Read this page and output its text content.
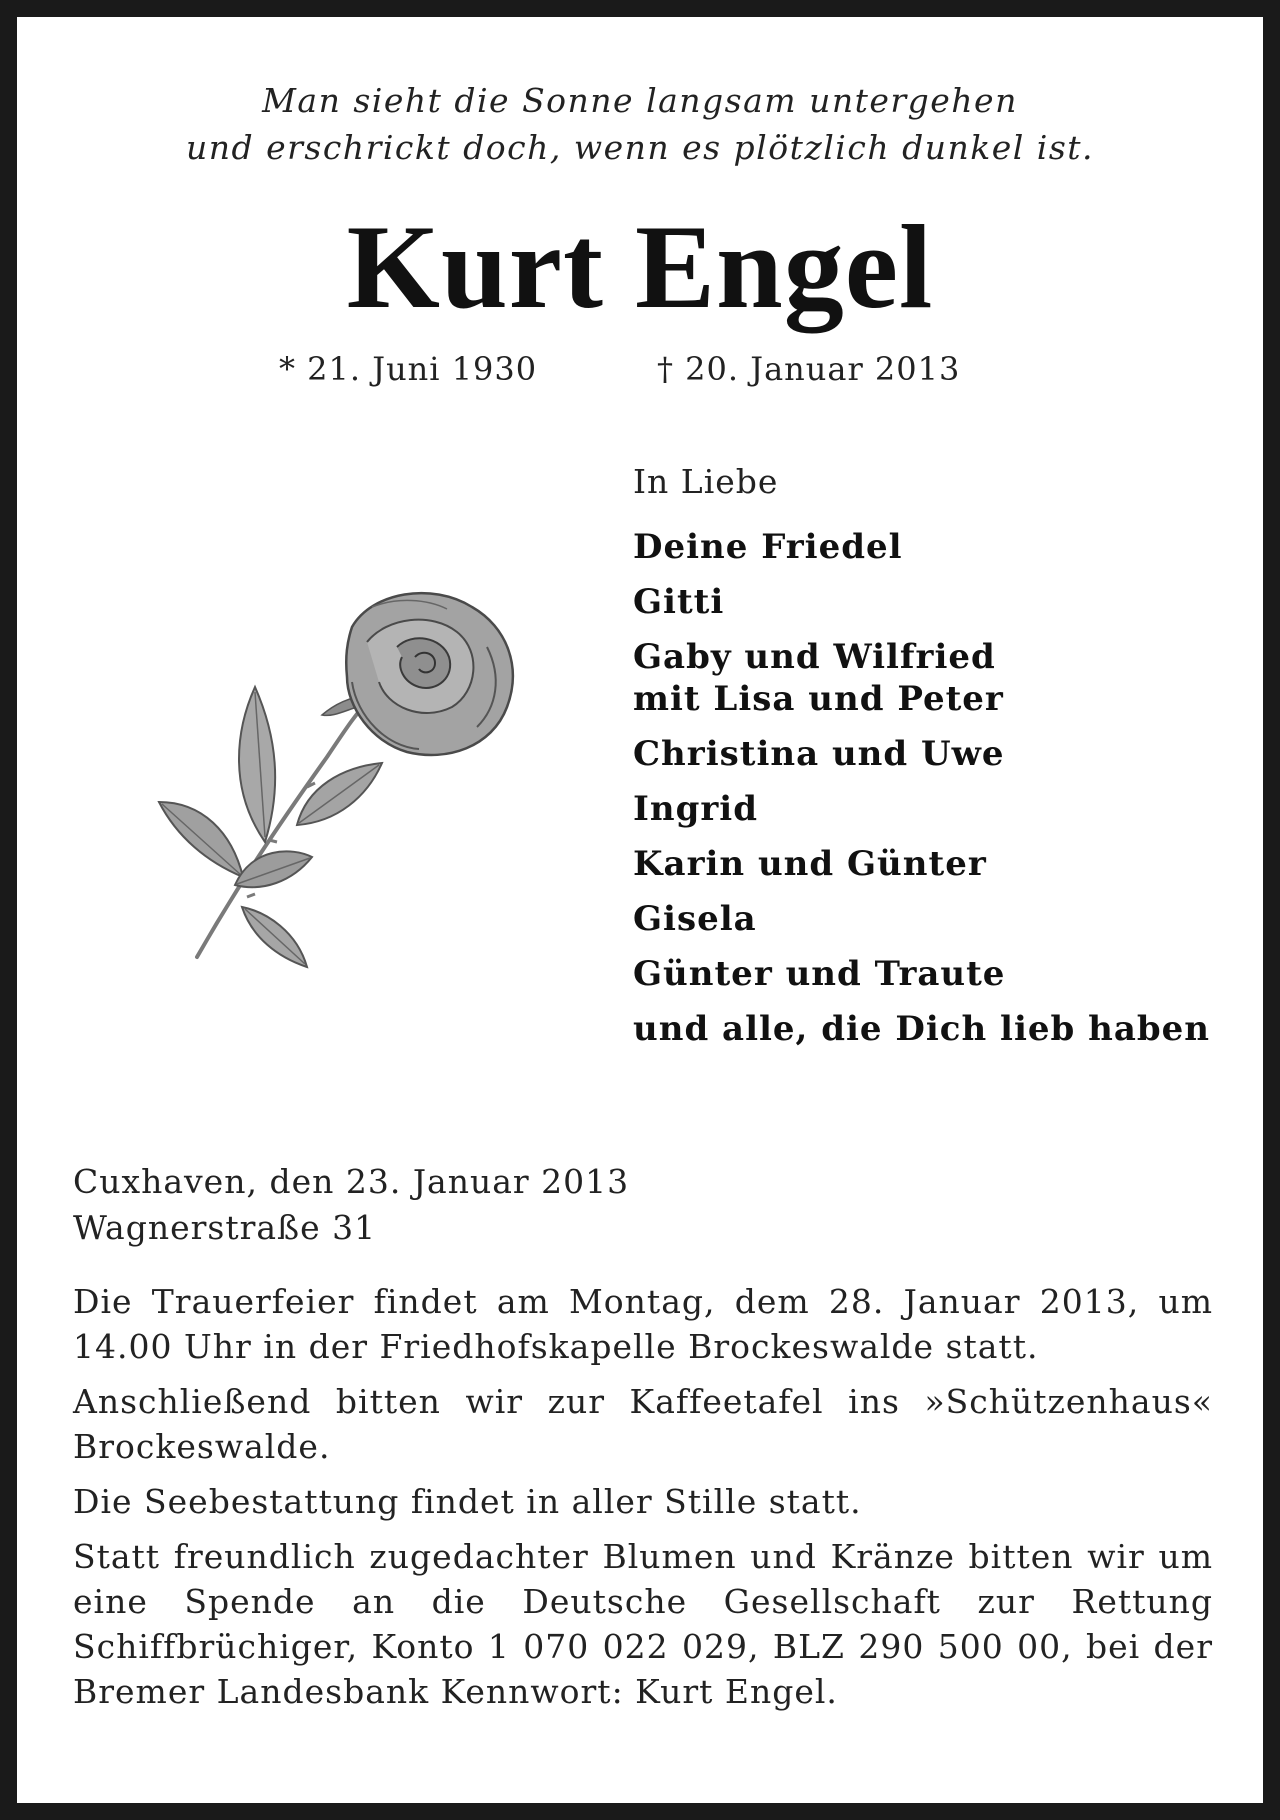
Man sieht die Sonne langsam untergehen
und erschrickt doch, wenn es plötzlich dunkel ist.
Kurt Engel
* 21. Juni 1930	† 20. Januar 2013
In Liebe
Deine Friedel
Gitti
Gaby und Wilfried
mit Lisa und Peter
Christina und Uwe
Ingrid
Karin und Günter
Gisela
Günter und Traute
und alle, die Dich lieb haben
Cuxhaven, den 23. Januar 2013
Wagnerstraße 31

Die Trauerfeier findet am Montag, dem 28. Januar 2013, um 14.00 Uhr in der Friedhofskapelle Brockeswalde statt.

Anschließend bitten wir zur Kaffeetafel ins »Schützenhaus« Brockeswalde.

Die Seebestattung findet in aller Stille statt.

Statt freundlich zugedachter Blumen und Kränze bitten wir um eine Spende an die Deutsche Gesellschaft zur Rettung Schiffbrüchiger, Konto 1 070 022 029, BLZ 290 500 00, bei der Bremer Landesbank Kennwort: Kurt Engel.
